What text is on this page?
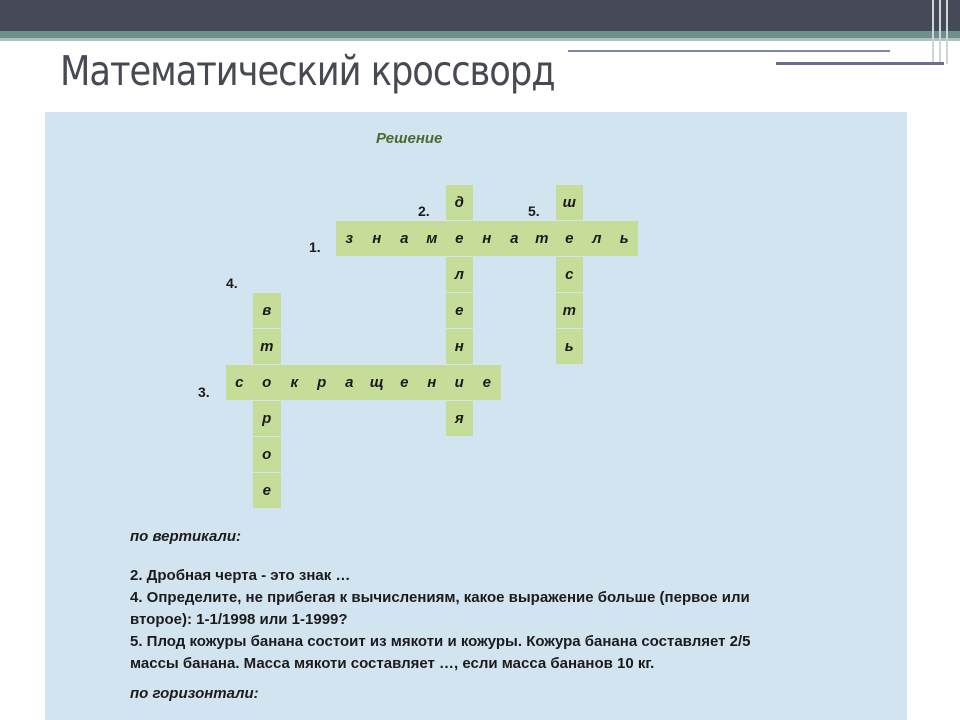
Математический кроссворд
Решение
2.	5.
1.
4.
3.
з	н	а	м	е	н	а	т	е	л	ь
д
л
е
н
я
ш
с
т
ь
с	о	к	р	а	щ	е	н	и	е
в
т
р
о
е
по вертикали:
2. Дробная черта - это знак …
4. Определите, не прибегая к вычислениям, какое выражение больше (первое или
второе): 1-1/1998 или 1-1999?
5. Плод кожуры банана состоит из мякоти и кожуры. Кожура банана составляет 2/5
массы банана. Масса мякоти составляет …, если масса бананов 10 кг.
по горизонтали:
